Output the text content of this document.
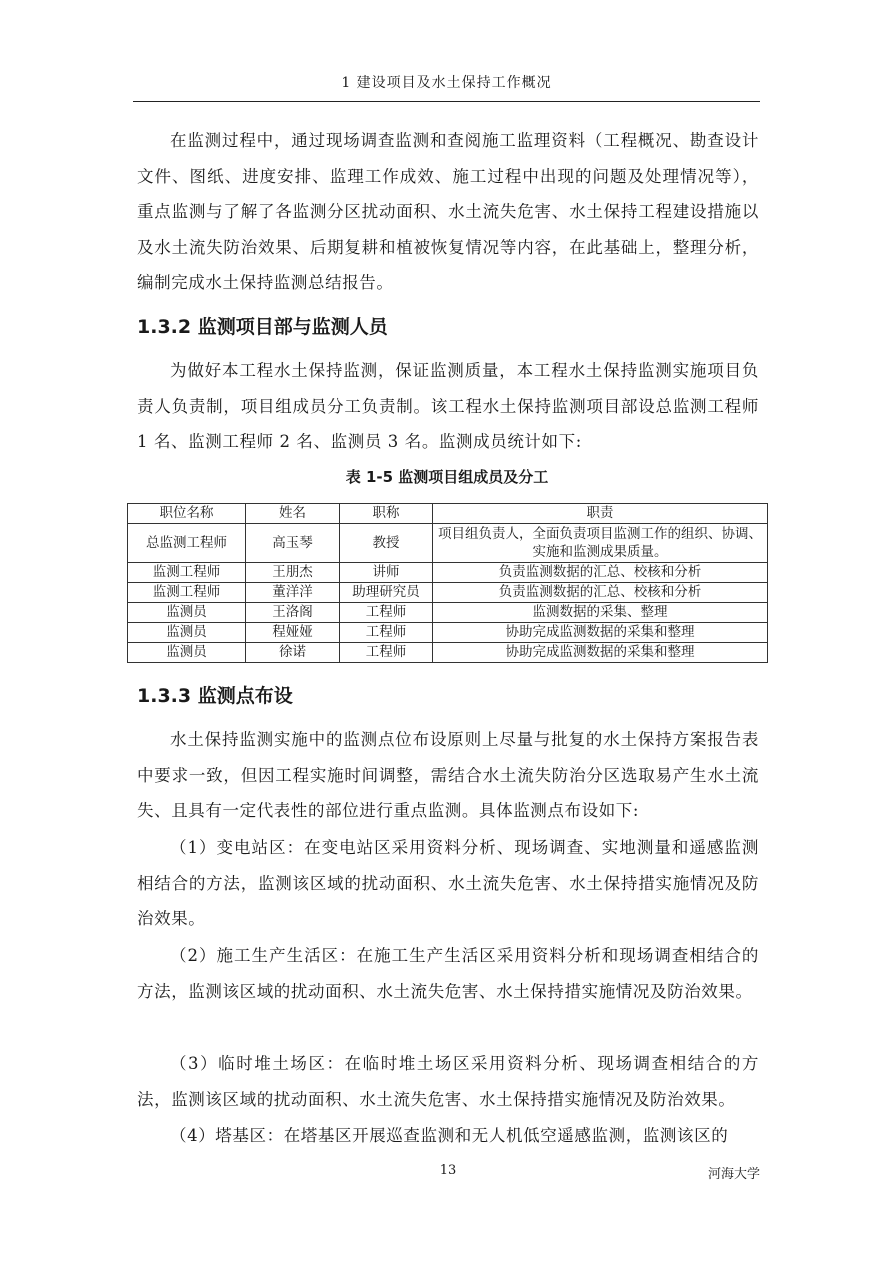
1 建设项目及水土保持工作概况

在监测过程中，通过现场调查监测和查阅施工监理资料（工程概况、勘查设计文件、图纸、进度安排、监理工作成效、施工过程中出现的问题及处理情况等），重点监测与了解了各监测分区扰动面积、水土流失危害、水土保持工程建设措施以及水土流失防治效果、后期复耕和植被恢复情况等内容，在此基础上，整理分析，编制完成水土保持监测总结报告。

1.3.2 监测项目部与监测人员

为做好本工程水土保持监测，保证监测质量，本工程水土保持监测实施项目负责人负责制，项目组成员分工负责制。该工程水土保持监测项目部设总监测工程师 1 名、监测工程师 2 名、监测员 3 名。监测成员统计如下:

表 1-5 监测项目组成员及分工

职位名称	姓名	职称	职责
总监测工程师	高玉琴	教授	项目组负责人，全面负责项目监测工作的组织、协调、实施和监测成果质量。
监测工程师	王朋杰	讲师	负责监测数据的汇总、校核和分析
监测工程师	董洋洋	助理研究员	负责监测数据的汇总、校核和分析
监测员	王洛阁	工程师	监测数据的采集、整理
监测员	程娅娅	工程师	协助完成监测数据的采集和整理
监测员	徐诺	工程师	协助完成监测数据的采集和整理
1.3.3 监测点布设

水土保持监测实施中的监测点位布设原则上尽量与批复的水土保持方案报告表中要求一致，但因工程实施时间调整，需结合水土流失防治分区选取易产生水土流失、且具有一定代表性的部位进行重点监测。具体监测点布设如下:

（1）变电站区：在变电站区采用资料分析、现场调查、实地测量和遥感监测相结合的方法，监测该区域的扰动面积、水土流失危害、水土保持措实施情况及防治效果。

（2）施工生产生活区：在施工生产生活区采用资料分析和现场调查相结合的方法，监测该区域的扰动面积、水土流失危害、水土保持措实施情况及防治效果。

（3）临时堆土场区：在临时堆土场区采用资料分析、现场调查相结合的方法，监测该区域的扰动面积、水土流失危害、水土保持措实施情况及防治效果。

（4）塔基区：在塔基区开展巡查监测和无人机低空遥感监测，监测该区的

13	河海大学
